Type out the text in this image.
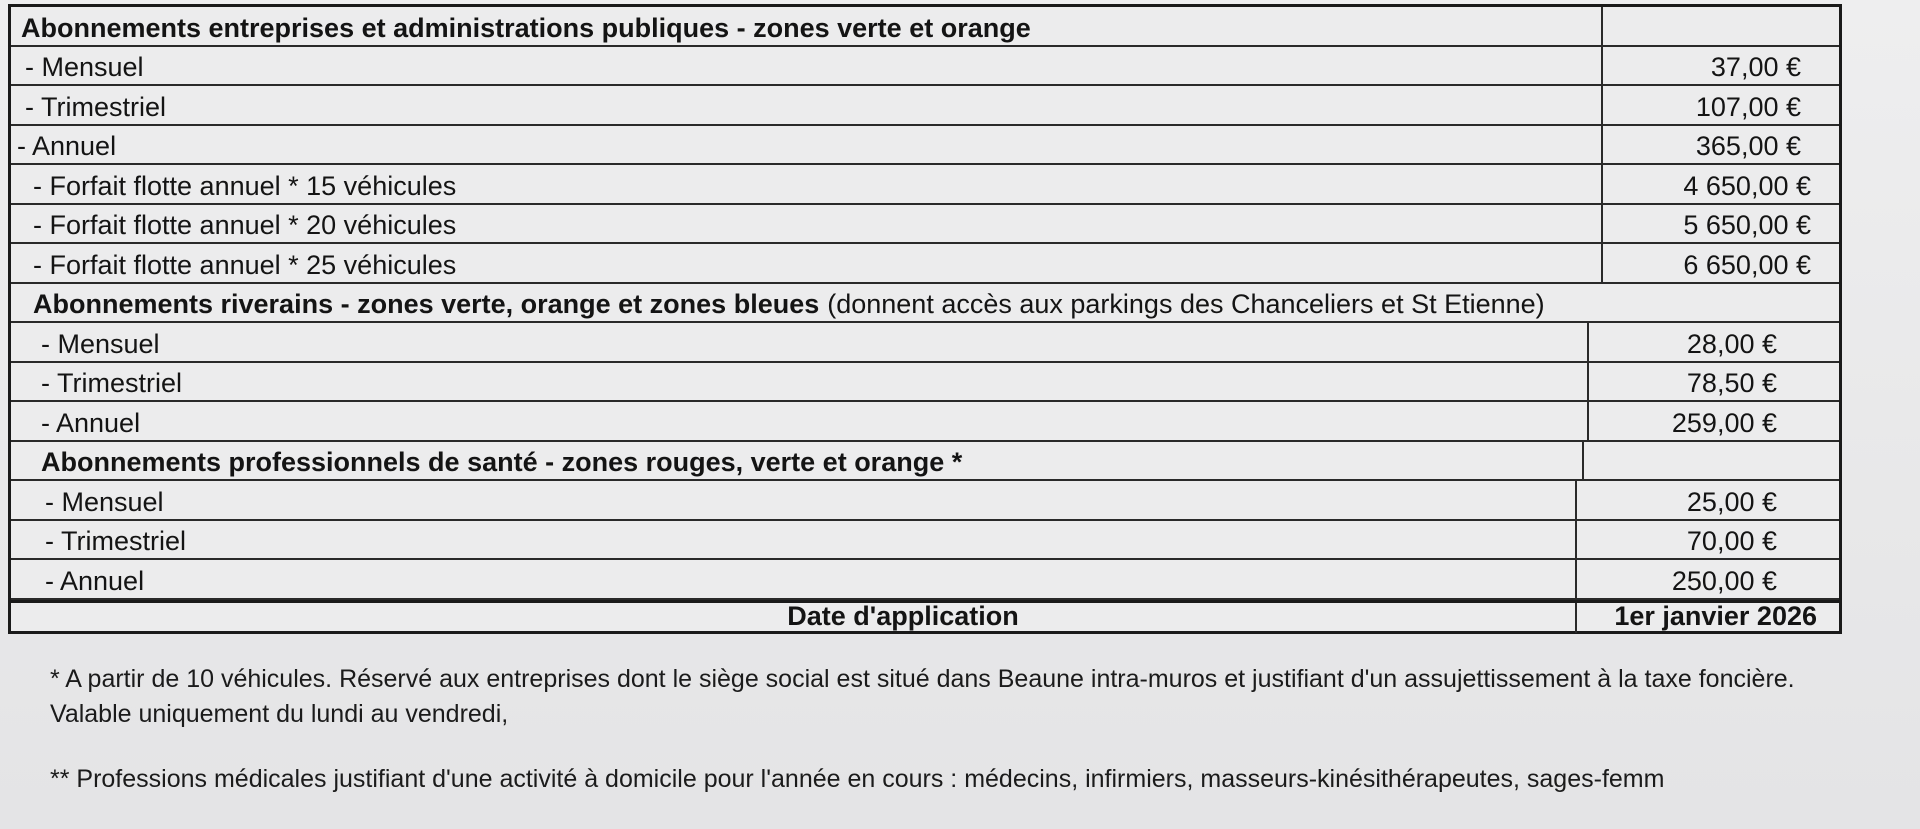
Abonnements entreprises et administrations publiques - zones verte et orange
- Mensuel	37,00 €
- Trimestriel	107,00 €
- Annuel	365,00 €
- Forfait flotte annuel * 15 véhicules	4 650,00 €
- Forfait flotte annuel * 20 véhicules	5 650,00 €
- Forfait flotte annuel * 25 véhicules	6 650,00 €
Abonnements riverains - zones verte, orange et zones bleues (donnent accès aux parkings des Chanceliers et St Etienne)
- Mensuel	28,00 €
- Trimestriel	78,50 €
- Annuel	259,00 €
Abonnements professionnels de santé - zones rouges, verte et orange *
- Mensuel	25,00 €
- Trimestriel	70,00 €
- Annuel	250,00 €
Date d'application	1er janvier 2026

* A partir de 10 véhicules. Réservé aux entreprises dont le siège social est situé dans Beaune intra-muros et justifiant d'un assujettissement à la taxe foncière. Valable uniquement du lundi au vendredi,

** Professions médicales justifiant d'une activité à domicile pour l'année en cours : médecins, infirmiers, masseurs-kinésithérapeutes, sages-femm
